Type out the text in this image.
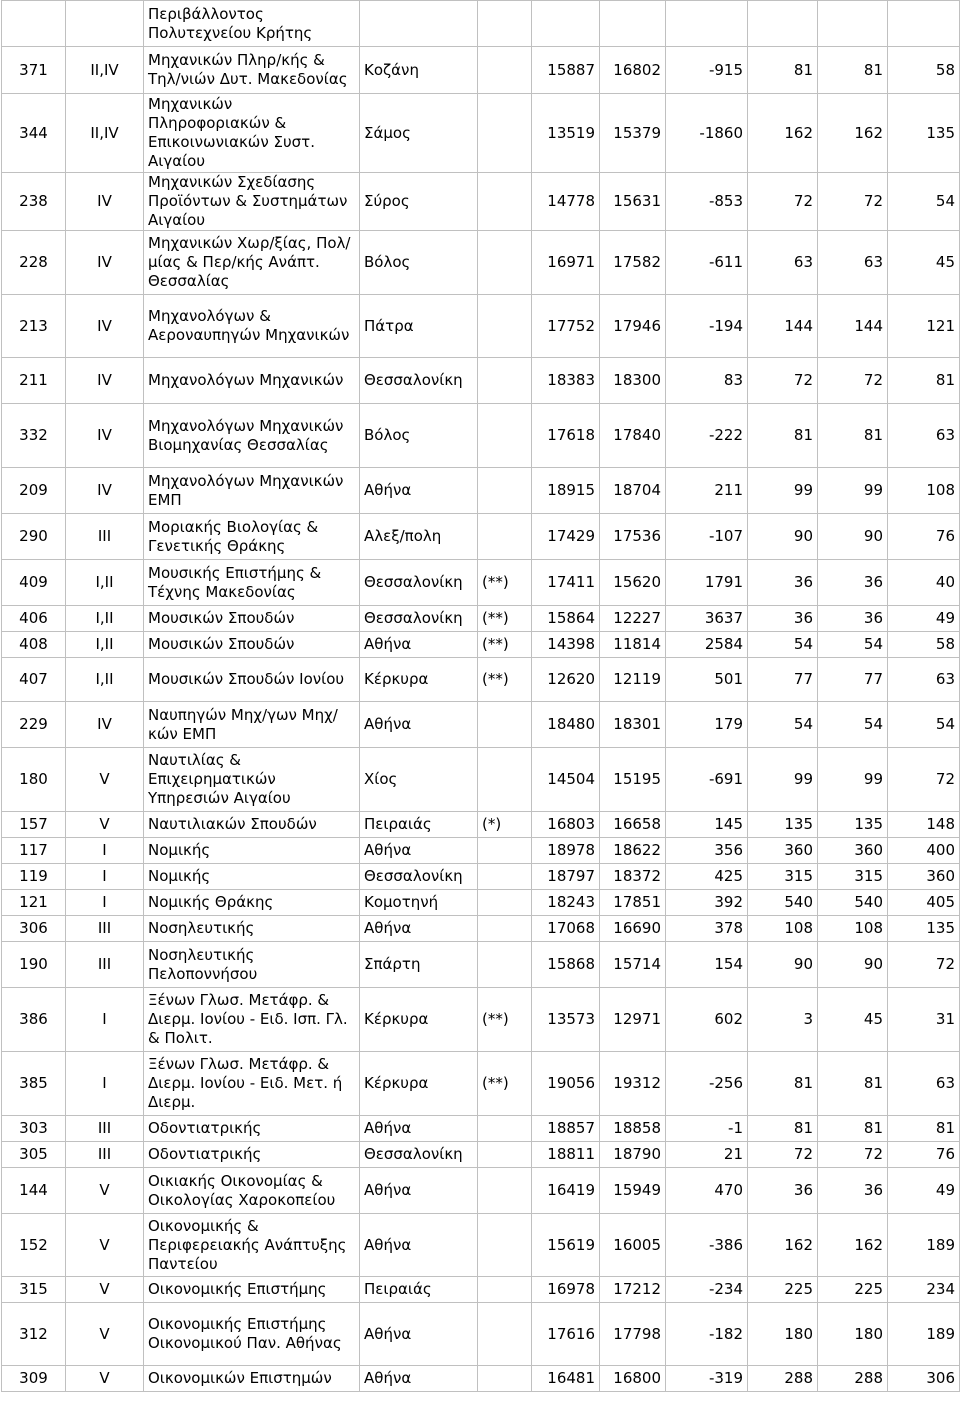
		Περιβάλλοντος Πολυτεχνείου Κρήτης								
371	II,IV	Μηχανικών Πληρ/κής & Τηλ/νιών Δυτ. Μακεδονίας	Κοζάνη		15887	16802	-915	81	81	58
344	II,IV	Μηχανικών Πληροφοριακών & Επικοινωνιακών Συστ. Αιγαίου	Σάμος		13519	15379	-1860	162	162	135
238	IV	Μηχανικών Σχεδίασης Προϊόντων & Συστημάτων Αιγαίου	Σύρος		14778	15631	-853	72	72	54
228	IV	Μηχανικών Χωρ/ξίας, Πολ/μίας & Περ/κής Ανάπτ. Θεσσαλίας	Βόλος		16971	17582	-611	63	63	45
213	IV	Μηχανολόγων & Αεροναυπηγών Μηχανικών	Πάτρα		17752	17946	-194	144	144	121
211	IV	Μηχανολόγων Μηχανικών	Θεσσαλονίκη		18383	18300	83	72	72	81
332	IV	Μηχανολόγων Μηχανικών Βιομηχανίας Θεσσαλίας	Βόλος		17618	17840	-222	81	81	63
209	IV	Μηχανολόγων Μηχανικών ΕΜΠ	Αθήνα		18915	18704	211	99	99	108
290	III	Μοριακής Βιολογίας & Γενετικής Θράκης	Αλεξ/πολη		17429	17536	-107	90	90	76
409	I,II	Μουσικής Επιστήμης & Τέχνης Μακεδονίας	Θεσσαλονίκη	(**)	17411	15620	1791	36	36	40
406	I,II	Μουσικών Σπουδών	Θεσσαλονίκη	(**)	15864	12227	3637	36	36	49
408	I,II	Μουσικών Σπουδών	Αθήνα	(**)	14398	11814	2584	54	54	58
407	I,II	Μουσικών Σπουδών Ιονίου	Κέρκυρα	(**)	12620	12119	501	77	77	63
229	IV	Ναυπηγών Μηχ/γων Μηχ/κών ΕΜΠ	Αθήνα		18480	18301	179	54	54	54
180	V	Ναυτιλίας & Επιχειρηματικών Υπηρεσιών Αιγαίου	Χίος		14504	15195	-691	99	99	72
157	V	Ναυτιλιακών Σπουδών	Πειραιάς	(*)	16803	16658	145	135	135	148
117	I	Νομικής	Αθήνα		18978	18622	356	360	360	400
119	I	Νομικής	Θεσσαλονίκη		18797	18372	425	315	315	360
121	I	Νομικής Θράκης	Κομοτηνή		18243	17851	392	540	540	405
306	III	Νοσηλευτικής	Αθήνα		17068	16690	378	108	108	135
190	III	Νοσηλευτικής Πελοποννήσου	Σπάρτη		15868	15714	154	90	90	72
386	I	Ξένων Γλωσ. Μετάφρ. & Διερμ. Ιονίου - Ειδ. Ισπ. Γλ. & Πολιτ.	Κέρκυρα	(**)	13573	12971	602	3	45	31
385	I	Ξένων Γλωσ. Μετάφρ. & Διερμ. Ιονίου - Ειδ. Μετ. ή Διερμ.	Κέρκυρα	(**)	19056	19312	-256	81	81	63
303	III	Οδοντιατρικής	Αθήνα		18857	18858	-1	81	81	81
305	III	Οδοντιατρικής	Θεσσαλονίκη		18811	18790	21	72	72	76
144	V	Οικιακής Οικονομίας & Οικολογίας Χαροκοπείου	Αθήνα		16419	15949	470	36	36	49
152	V	Οικονομικής & Περιφερειακής Ανάπτυξης Παντείου	Αθήνα		15619	16005	-386	162	162	189
315	V	Οικονομικής Επιστήμης	Πειραιάς		16978	17212	-234	225	225	234
312	V	Οικονομικής Επιστήμης Οικονομικού Παν. Αθήνας	Αθήνα		17616	17798	-182	180	180	189
309	V	Οικονομικών Επιστημών	Αθήνα		16481	16800	-319	288	288	306
